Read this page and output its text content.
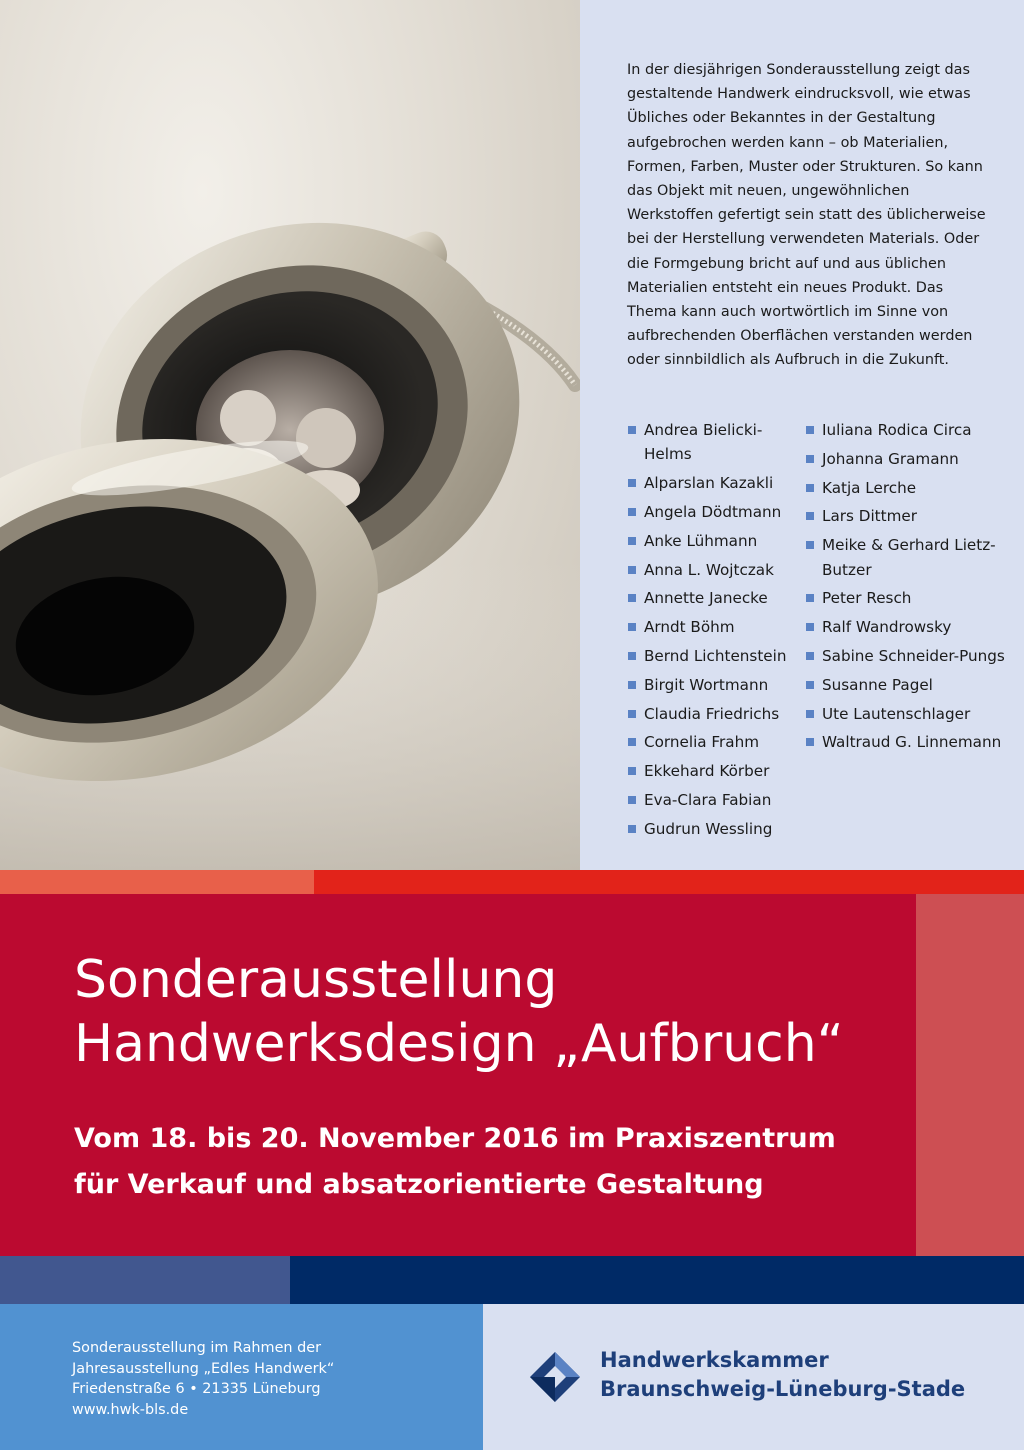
In der diesjährigen Sonderausstellung zeigt das gestaltende Handwerk eindrucksvoll, wie etwas Übliches oder Bekanntes in der Gestaltung aufgebrochen werden kann – ob Materialien, Formen, Farben, Muster oder Strukturen. So kann das Objekt mit neuen, ungewöhnlichen Werkstoffen gefertigt sein statt des üblicherweise bei der Herstellung verwendeten Materials. Oder die Formgebung bricht auf und aus üblichen Materialien entsteht ein neues Produkt. Das Thema kann auch wortwörtlich im Sinne von aufbrechenden Oberflächen verstanden werden oder sinnbildlich als Aufbruch in die Zukunft.

Andrea Bielicki-Helms
Alparslan Kazakli
Angela Dödtmann
Anke Lühmann
Anna L. Wojtczak
Annette Janecke
Arndt Böhm
Bernd Lichtenstein
Birgit Wortmann
Claudia Friedrichs
Cornelia Frahm
Ekkehard Körber
Eva-Clara Fabian
Gudrun Wessling
Iuliana Rodica Circa
Johanna Gramann
Katja Lerche
Lars Dittmer
Meike & Gerhard Lietz-Butzer
Peter Resch
Ralf Wandrowsky
Sabine Schneider-Pungs
Susanne Pagel
Ute Lautenschlager
Waltraud G. Linnemann
Sonderausstellung
Handwerksdesign „Aufbruch“
Vom 18. bis 20. November 2016 im Praxiszentrum
für Verkauf und absatzorientierte Gestaltung
Sonderausstellung im Rahmen der
Jahresausstellung „Edles Handwerk“
Friedenstraße 6 • 21335 Lüneburg
www.hwk-bls.de
Handwerkskammer
Braunschweig-Lüneburg-Stade
